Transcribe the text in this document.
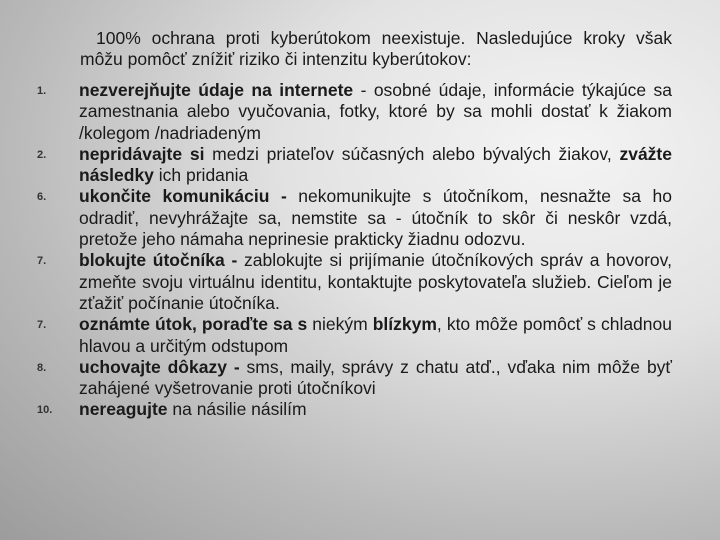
100% ochrana proti kyberútokom neexistuje. Nasledujúce kroky však môžu pomôcť znížiť riziko či intenzitu kyberútokov:
1.	nezverejňujte údaje na internete - osobné údaje, informácie týkajúce sa zamestnania alebo vyučovania, fotky, ktoré by sa mohli dostať k žiakom /kolegom /nadriadeným
2.	nepridávajte si medzi priateľov súčasných alebo bývalých žiakov, zvážte následky ich pridania
6.	ukončite komunikáciu - nekomunikujte s útočníkom, nesnažte sa ho odradiť, nevyhrážajte sa, nemstite sa - útočník to skôr či neskôr vzdá, pretože jeho námaha neprinesie prakticky žiadnu odozvu.
7.	blokujte útočníka - zablokujte si prijímanie útočníkových správ a hovorov, zmeňte svoju virtuálnu identitu, kontaktujte poskytovateľa služieb. Cieľom je zťažiť počínanie útočníka.
7.	oznámte útok, poraďte sa s niekým blízkym, kto môže pomôcť s chladnou hlavou a určitým odstupom
8.	uchovajte dôkazy - sms, maily, správy z chatu atď., vďaka nim môže byť zahájené vyšetrovanie proti útočníkovi
10.	nereagujte na násilie násilím
